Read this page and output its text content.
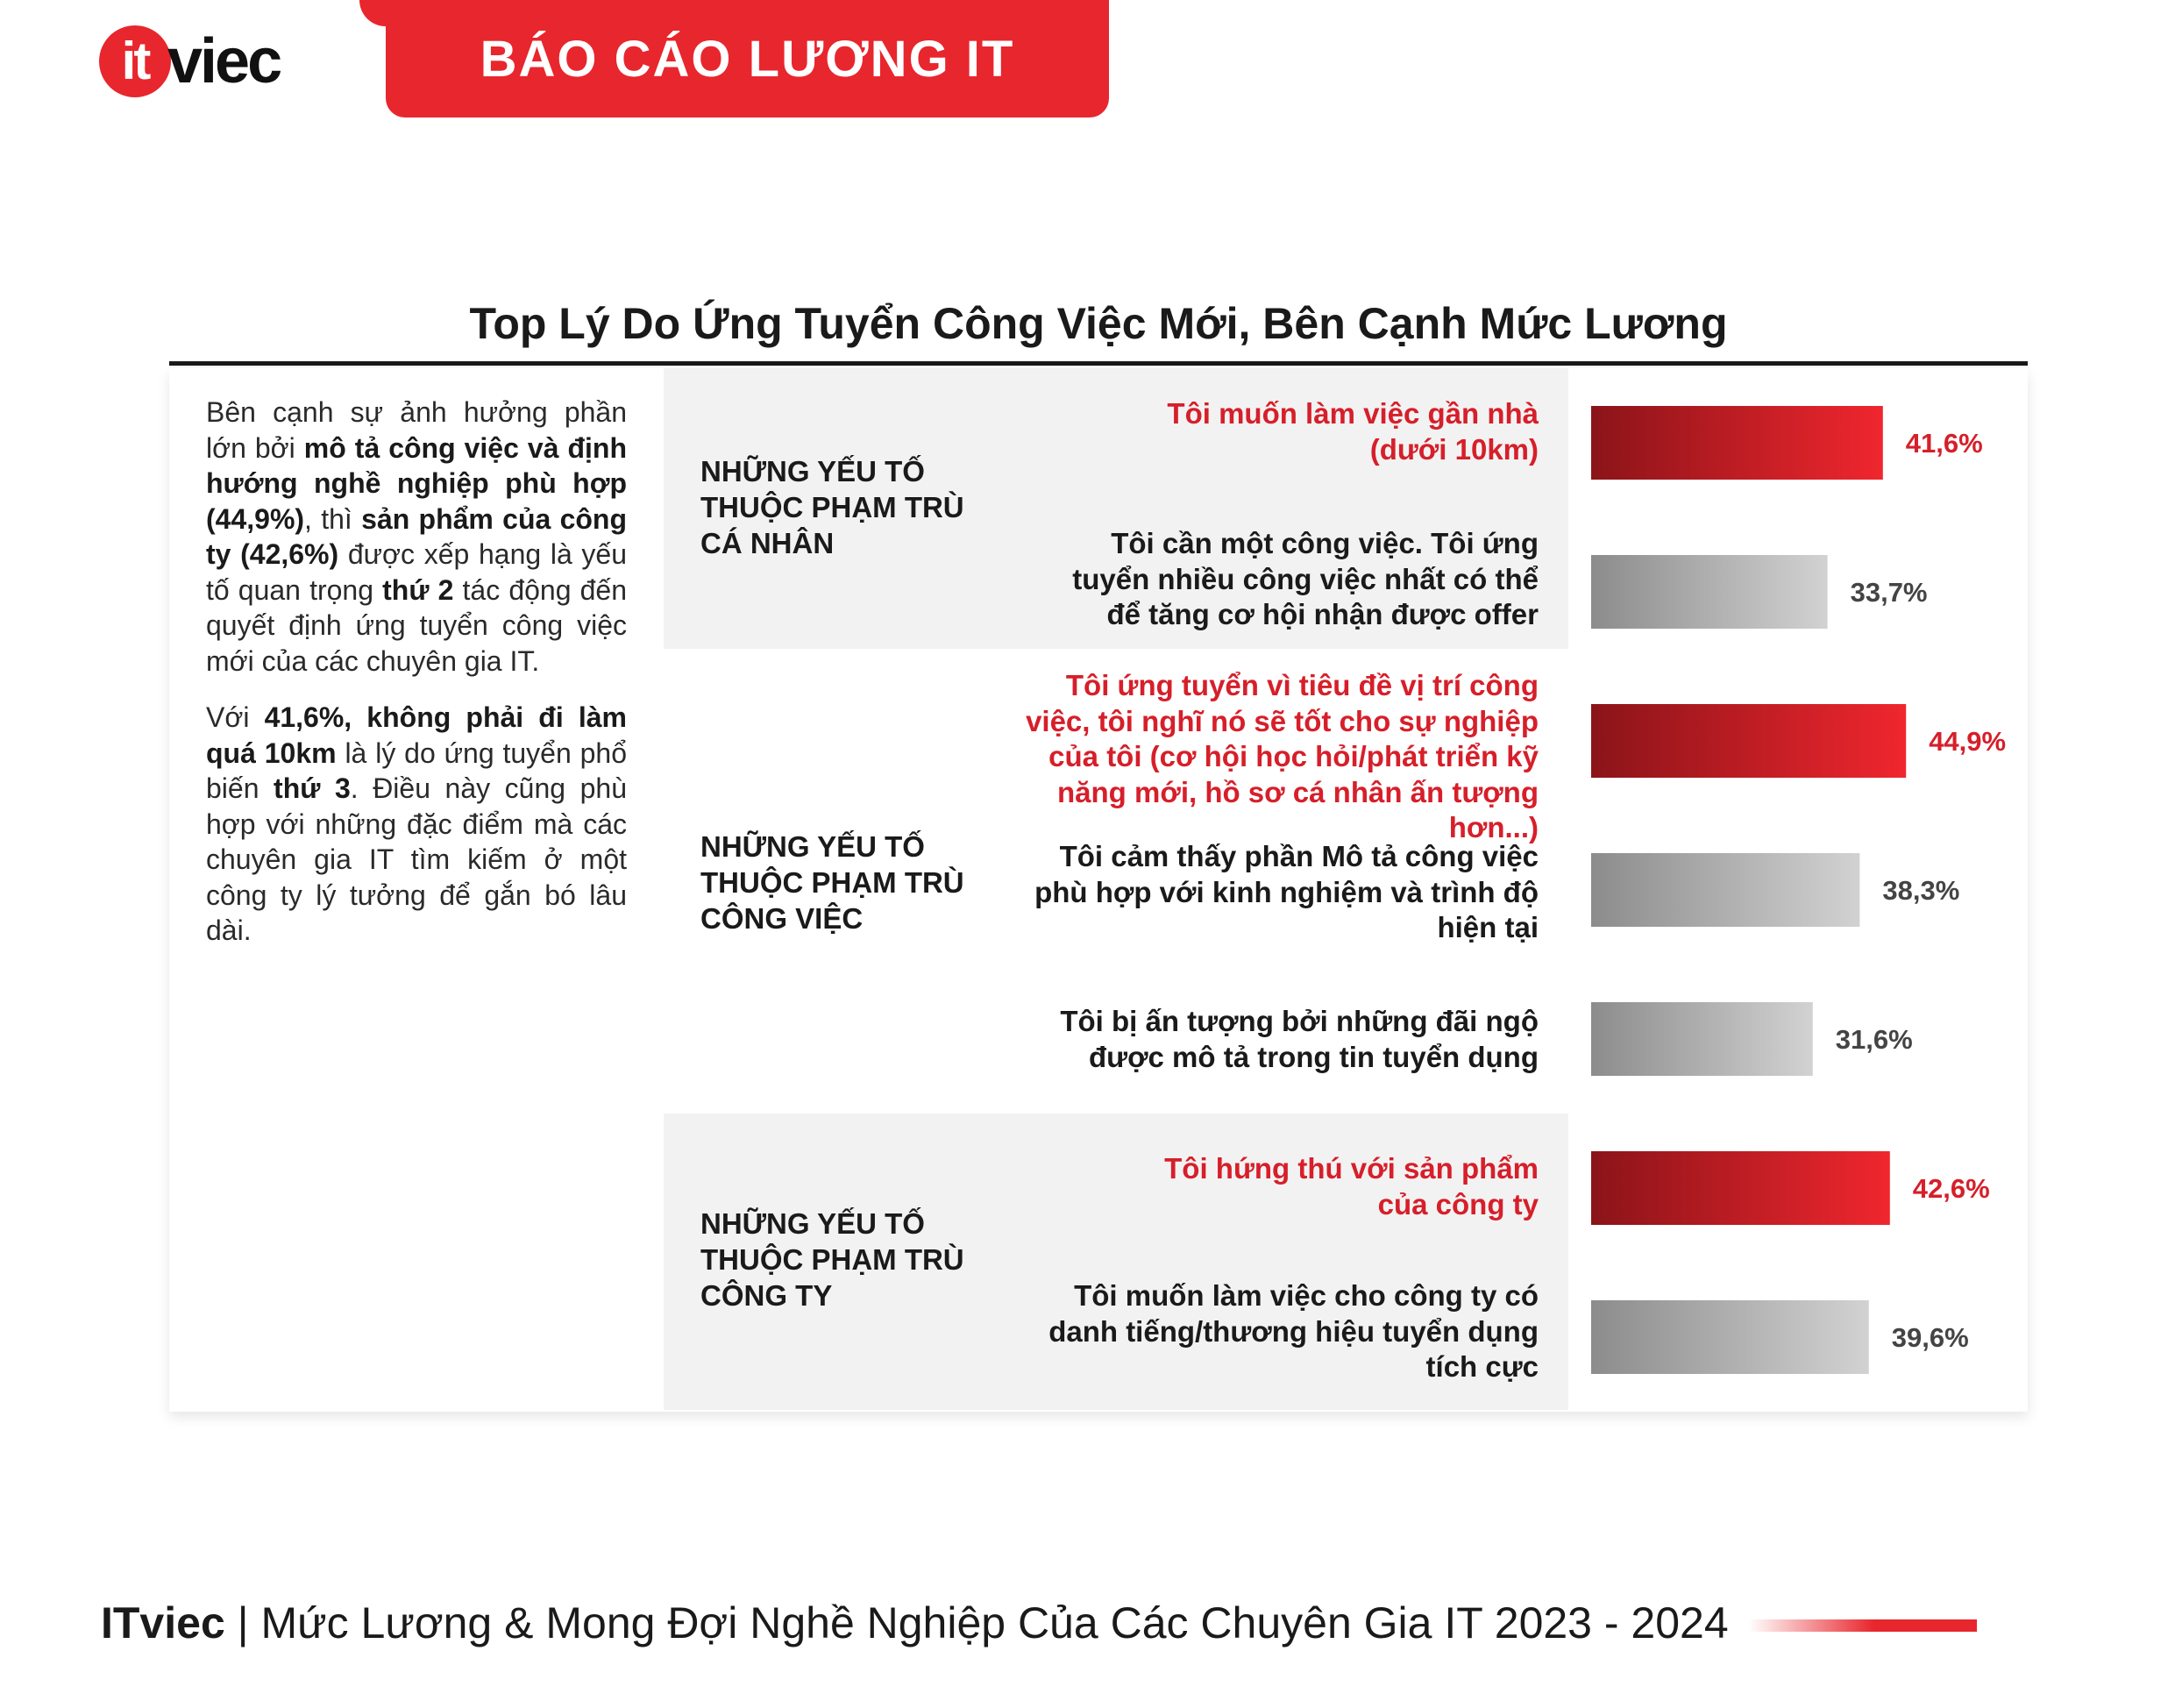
it viec	BÁO CÁO LƯƠNG IT
Top Lý Do Ứng Tuyển Công Việc Mới, Bên Cạnh Mức Lương

Bên cạnh sự ảnh hưởng phần lớn bởi mô tả công việc và định hướng nghề nghiệp phù hợp (44,9%), thì sản phẩm của công ty (42,6%) được xếp hạng là yếu tố quan trọng thứ 2 tác động đến quyết định ứng tuyển công việc mới của các chuyên gia IT.

Với 41,6%, không phải đi làm quá 10km là lý do ứng tuyển phổ biến thứ 3. Điều này cũng phù hợp với những đặc điểm mà các chuyên gia IT tìm kiếm ở một công ty lý tưởng để gắn bó lâu dài.

NHỮNG YẾU TỐ THUỘC PHẠM TRÙ CÁ NHÂN
NHỮNG YẾU TỐ THUỘC PHẠM TRÙ CÔNG VIỆC
NHỮNG YẾU TỐ THUỘC PHẠM TRÙ CÔNG TY
Tôi muốn làm việc gần nhà (dưới 10km)
Tôi cần một công việc. Tôi ứng tuyển nhiều công việc nhất có thể để tăng cơ hội nhận được offer
Tôi ứng tuyển vì tiêu đề vị trí công việc, tôi nghĩ nó sẽ tốt cho sự nghiệp của tôi (cơ hội học hỏi/phát triển kỹ năng mới, hồ sơ cá nhân ấn tượng hơn...)
Tôi cảm thấy phần Mô tả công việc phù hợp với kinh nghiệm và trình độ hiện tại
Tôi bị ấn tượng bởi những đãi ngộ được mô tả trong tin tuyển dụng
Tôi hứng thú với sản phẩm của công ty
Tôi muốn làm việc cho công ty có danh tiếng/thương hiệu tuyển dụng tích cực
41,6%
33,7%
44,9%
38,3%
31,6%
42,6%
39,6%
ITviec | Mức Lương & Mong Đợi Nghề Nghiệp Của Các Chuyên Gia IT 2023 - 2024
